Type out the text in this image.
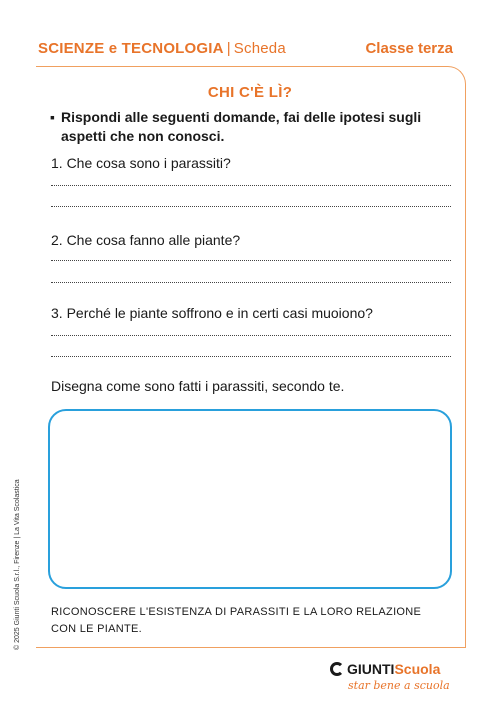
SCIENZE e TECNOLOGIA | Scheda	Classe terza
CHI C'È LÌ?
▪ Rispondi alle seguenti domande, fai delle ipotesi sugli aspetti che non conosci.
1. Che cosa sono i parassiti?
2. Che cosa fanno alle piante?
3. Perché le piante soffrono e in certi casi muoiono?
Disegna come sono fatti i parassiti, secondo te.
RICONOSCERE L'ESISTENZA DI PARASSITI E LA LORO RELAZIONE CON LE PIANTE.
© 2025 Giunti Scuola S.r.l., Firenze | La Vita Scolastica
GIUNTIScuola
star bene a scuola
